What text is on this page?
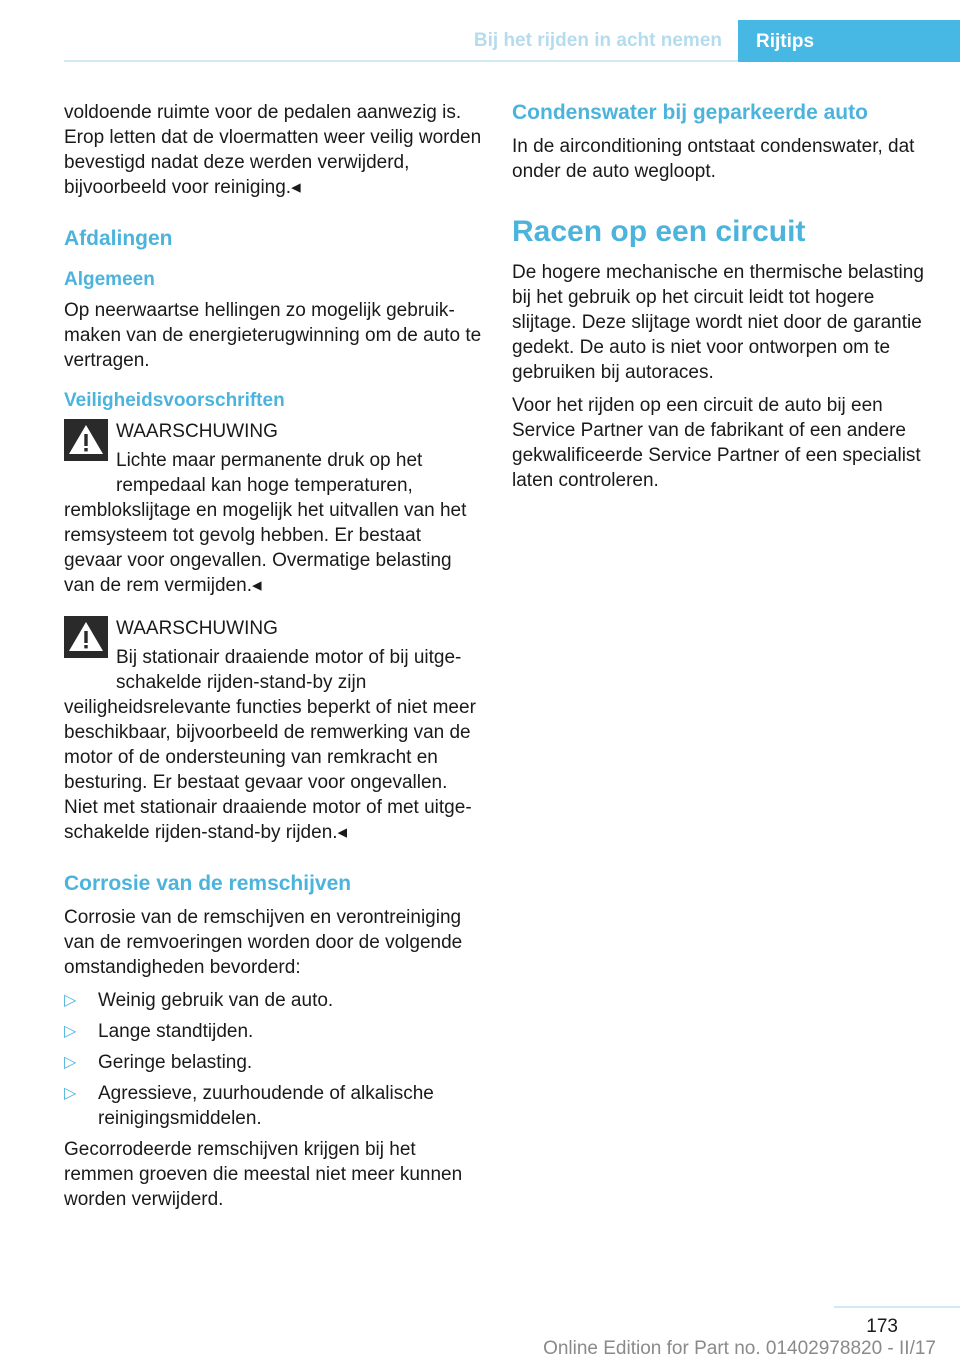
Bij het rijden in acht nemen Rijtips

voldoende ruimte voor de pedalen aanwezig is. Erop letten dat de vloermatten weer veilig worden bevestigd nadat deze werden verwijderd, bijvoorbeeld voor reiniging.◂

Afdalingen
Algemeen

Op neerwaartse hellingen zo mogelijk gebruikmaken van de energieterugwinning om de auto te vertragen.

Veiligheidsvoorschriften

WAARSCHUWING

Lichte maar permanente druk op het rempedaal kan hoge temperaturen, remblokslijtage en mogelijk het uitvallen van het remsysteem tot gevolg hebben. Er bestaat gevaar voor ongevallen. Overmatige belasting van de rem vermijden.◂

WAARSCHUWING

Bij stationair draaiende motor of bij uitgeschakelde rijden-stand-by zijn veiligheidsrelevante functies beperkt of niet meer beschikbaar, bijvoorbeeld de remwerking van de motor of de ondersteuning van remkracht en besturing. Er bestaat gevaar voor ongevallen. Niet met stationair draaiende motor of met uitgeschakelde rijden-stand-by rijden.◂

Corrosie van de remschijven

Corrosie van de remschijven en verontreiniging van de remvoeringen worden door de volgende omstandigheden bevorderd:

▷ Weinig gebruik van de auto.
▷ Lange standtijden.
▷ Geringe belasting.
▷ Agressieve, zuurhoudende of alkalische reinigingsmiddelen.

Gecorrodeerde remschijven krijgen bij het remmen groeven die meestal niet meer kunnen worden verwijderd.

Condenswater bij geparkeerde auto

In de airconditioning ontstaat condenswater, dat onder de auto wegloopt.

Racen op een circuit

De hogere mechanische en thermische belasting bij het gebruik op het circuit leidt tot hogere slijtage. Deze slijtage wordt niet door de garantie gedekt. De auto is niet voor ontworpen om te gebruiken bij autoraces.

Voor het rijden op een circuit de auto bij een Service Partner van de fabrikant of een andere gekwalificeerde Service Partner of een specialist laten controleren.

173
Online Edition for Part no. 01402978820 - II/17
